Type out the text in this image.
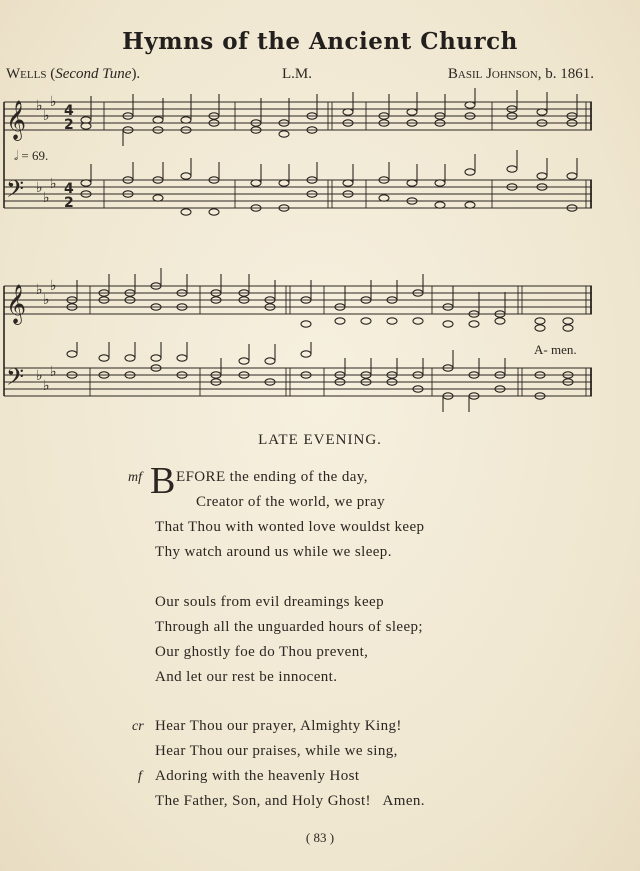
Hymns of the Ancient Church
Wells (Second Tune).	L.M.	Basil Johnson, b. 1861.
𝄞
𝄢
♭
♭
♭
♭
♭
♭
4
2
4
2
𝅗𝅥 = 69.
𝄞
𝄢
♭
♭
♭
♭
♭
♭
A- men.
LATE EVENING.
mf B EFORE the ending of the day,
Creator of the world, we pray
That Thou with wonted love wouldst keep
Thy watch around us while we sleep.
Our souls from evil dreamings keep
Through all the unguarded hours of sleep;
Our ghostly foe do Thou prevent,
And let our rest be innocent.
cr Hear Thou our prayer, Almighty King!
Hear Thou our praises, while we sing,
f Adoring with the heavenly Host
The Father, Son, and Holy Ghost!   Amen.
( 83 )
